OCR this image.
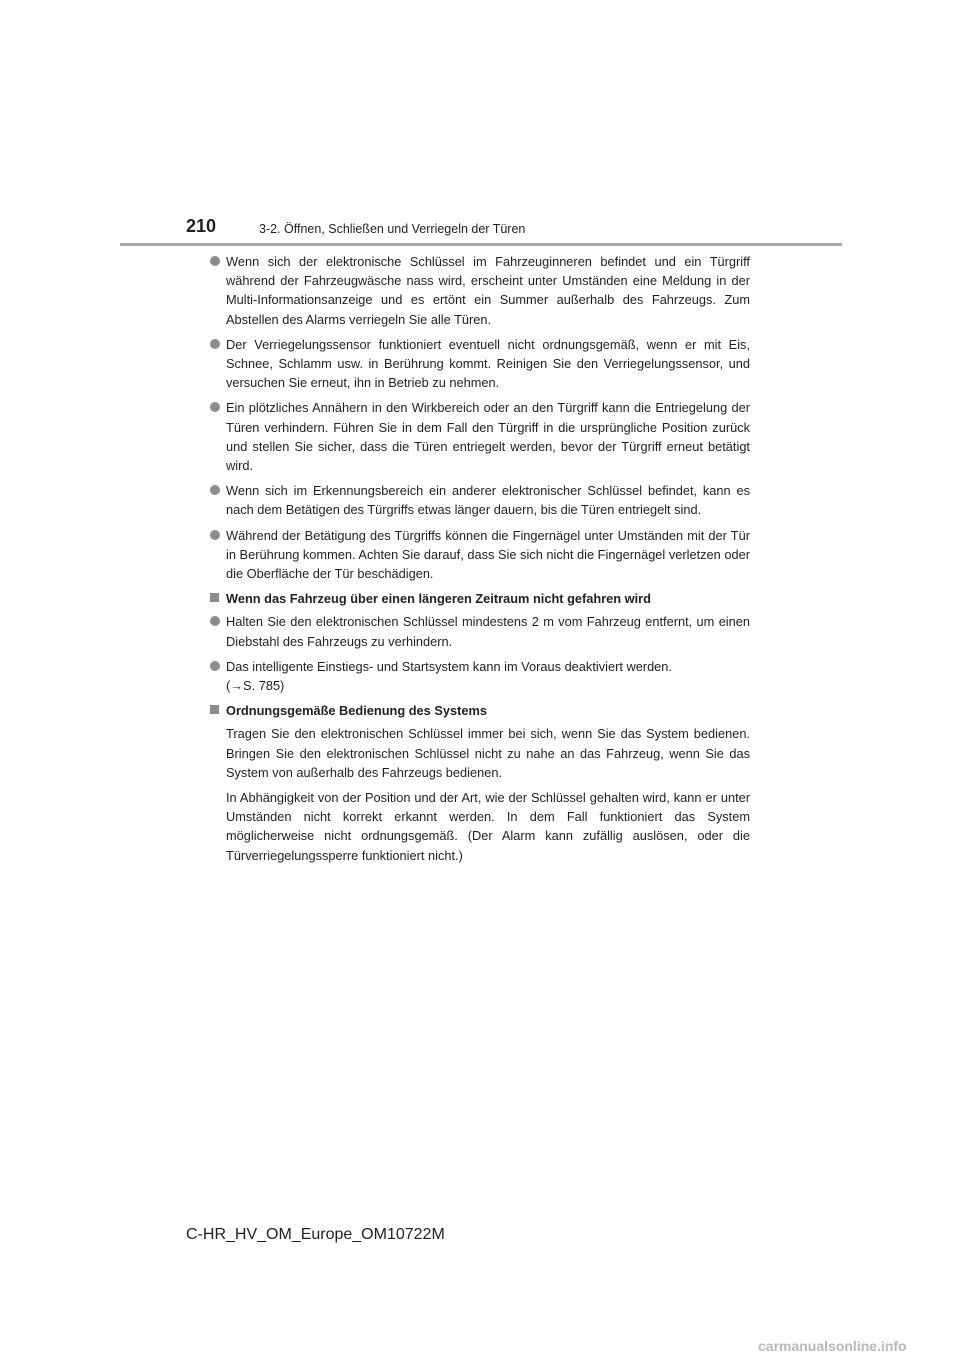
210	3-2. Öffnen, Schließen und Verriegeln der Türen

Wenn sich der elektronische Schlüssel im Fahrzeuginneren befindet und ein Türgriff während der Fahrzeugwäsche nass wird, erscheint unter Umständen eine Meldung in der Multi-Informationsanzeige und es ertönt ein Summer außerhalb des Fahrzeugs. Zum Abstellen des Alarms verriegeln Sie alle Türen.

Der Verriegelungssensor funktioniert eventuell nicht ordnungsgemäß, wenn er mit Eis, Schnee, Schlamm usw. in Berührung kommt. Reinigen Sie den Verriegelungssensor, und versuchen Sie erneut, ihn in Betrieb zu nehmen.

Ein plötzliches Annähern in den Wirkbereich oder an den Türgriff kann die Entriegelung der Türen verhindern. Führen Sie in dem Fall den Türgriff in die ursprüngliche Position zurück und stellen Sie sicher, dass die Türen entriegelt werden, bevor der Türgriff erneut betätigt wird.

Wenn sich im Erkennungsbereich ein anderer elektronischer Schlüssel befindet, kann es nach dem Betätigen des Türgriffs etwas länger dauern, bis die Türen entriegelt sind.

Während der Betätigung des Türgriffs können die Fingernägel unter Umständen mit der Tür in Berührung kommen. Achten Sie darauf, dass Sie sich nicht die Fingernägel verletzen oder die Oberfläche der Tür beschädigen.

Wenn das Fahrzeug über einen längeren Zeitraum nicht gefahren wird

Halten Sie den elektronischen Schlüssel mindestens 2 m vom Fahrzeug entfernt, um einen Diebstahl des Fahrzeugs zu verhindern.

Das intelligente Einstiegs- und Startsystem kann im Voraus deaktiviert werden.
(→S. 785)

Ordnungsgemäße Bedienung des Systems

Tragen Sie den elektronischen Schlüssel immer bei sich, wenn Sie das System bedienen. Bringen Sie den elektronischen Schlüssel nicht zu nahe an das Fahrzeug, wenn Sie das System von außerhalb des Fahrzeugs bedienen.

In Abhängigkeit von der Position und der Art, wie der Schlüssel gehalten wird, kann er unter Umständen nicht korrekt erkannt werden. In dem Fall funktioniert das System möglicherweise nicht ordnungsgemäß. (Der Alarm kann zufällig auslösen, oder die Türverriegelungssperre funktioniert nicht.)

C-HR_HV_OM_Europe_OM10722M
carmanualsonline.info
